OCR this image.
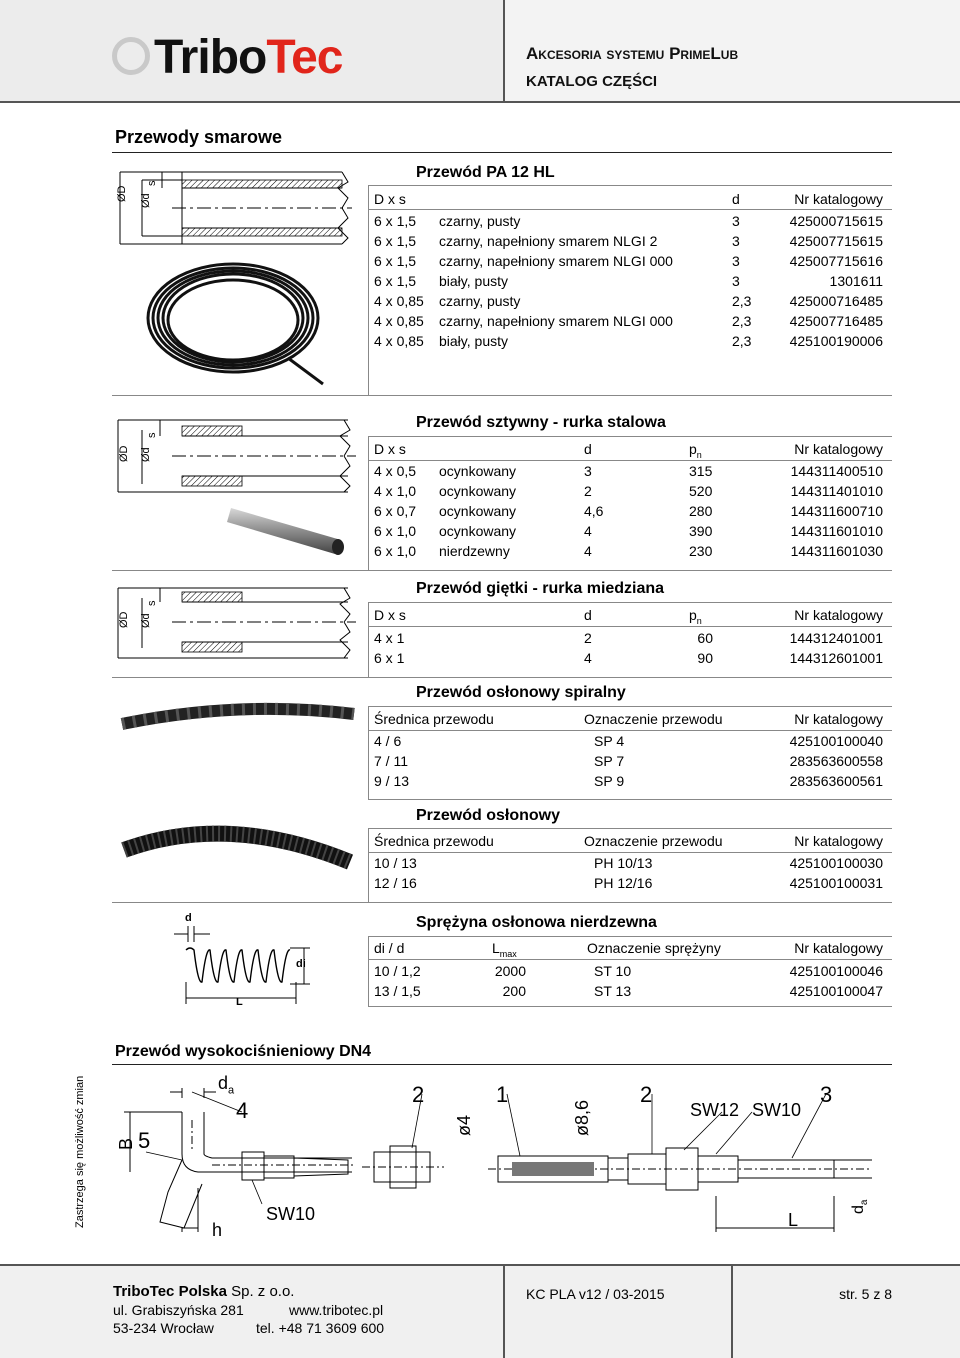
TriboTec	Akcesoria systemu PrimeLub
KATALOG CZĘŚCI
Przewody smarowe
ØD Ød
s
Przewód PA 12 HL
D x s	d	Nr katalogowy
6 x 1,5 czarny, pusty	3	425000715615
6 x 1,5 czarny, napełniony smarem NLGI 2	3	425007715615
6 x 1,5 czarny, napełniony smarem NLGI 000	3	425007715616
6 x 1,5 biały, pusty	3	1301611
4 x 0,85 czarny, pusty	2,3	425000716485
4 x 0,85 czarny, napełniony smarem NLGI 000	2,3	425007716485
4 x 0,85 biały, pusty	2,3	425100190006
ØD Ød
s
Przewód sztywny - rurka stalowa
D x s	d	$p_n$	Nr katalogowy
4 x 0,5 ocynkowany	3	315	144311400510
4 x 1,0 ocynkowany	2	520	144311401010
6 x 0,7 ocynkowany	4,6	280	144311600710
6 x 1,0 ocynkowany	4	390	144311601010
6 x 1,0 nierdzewny	4	230	144311601030
ØD Ød
s
Przewód giętki - rurka miedziana
D x s	d	$p_n$	Nr katalogowy
4 x 1	2	60	144312401001
6 x 1	4	90	144312601001
Przewód osłonowy spiralny
Średnica przewodu	Oznaczenie przewodu	Nr katalogowy
4 / 6	SP 4	425100100040
7 / 11	SP 7	283563600558
9 / 13	SP 9	283563600561
Przewód osłonowy
Średnica przewodu	Oznaczenie przewodu	Nr katalogowy
10 / 13	PH 10/13	425100100030
12 / 16	PH 12/16	425100100031
d
di
L
Sprężyna osłonowa nierdzewna
di / d	$L_{max}$	Oznaczenie sprężyny	Nr katalogowy
10 / 1,2	2000	ST 10	425100100046
13 / 1,5	200	ST 13	425100100047
Przewód wysokociśnieniowy DN4
$d_a$
4
5
B
h
SW10
2
ø4
1
ø8,6
2
SW12 SW10
3
L
$d_a$
Zastrzega się możliwość zmian
TriboTec Polska Sp. z o.o.
ul. Grabiszyńska 281	www.tribotec.pl
53-234 Wrocław	tel. +48 71 3609 600
KC PLA v12 / 03-2015	str. 5 z 8
